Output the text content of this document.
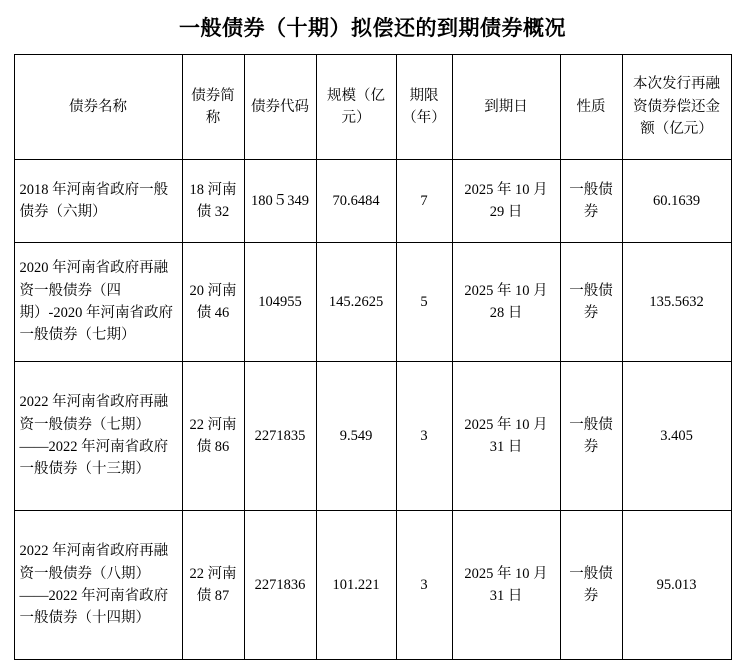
一般债券（十期）拟偿还的到期债券概况
债券名称	债券简称	债券代码	规模（亿元）	期限（年）	到期日	性质	本次发行再融资债券偿还金额（亿元）
2018 年河南省政府一般债券（六期）	18 河南债 32	180５349	70.6484	7	2025 年 10 月 29 日	一般债券	60.1639
2020 年河南省政府再融资一般债券（四期）-2020 年河南省政府一般债券（七期）	20 河南债 46	104955	145.2625	5	2025 年 10 月 28 日	一般债券	135.5632
2022 年河南省政府再融资一般债券（七期）——2022 年河南省政府一般债券（十三期）	22 河南债 86	2271835	9.549	3	2025 年 10 月 31 日	一般债券	3.405
2022 年河南省政府再融资一般债券（八期）——2022 年河南省政府一般债券（十四期）	22 河南债 87	2271836	101.221	3	2025 年 10 月 31 日	一般债券	95.013
